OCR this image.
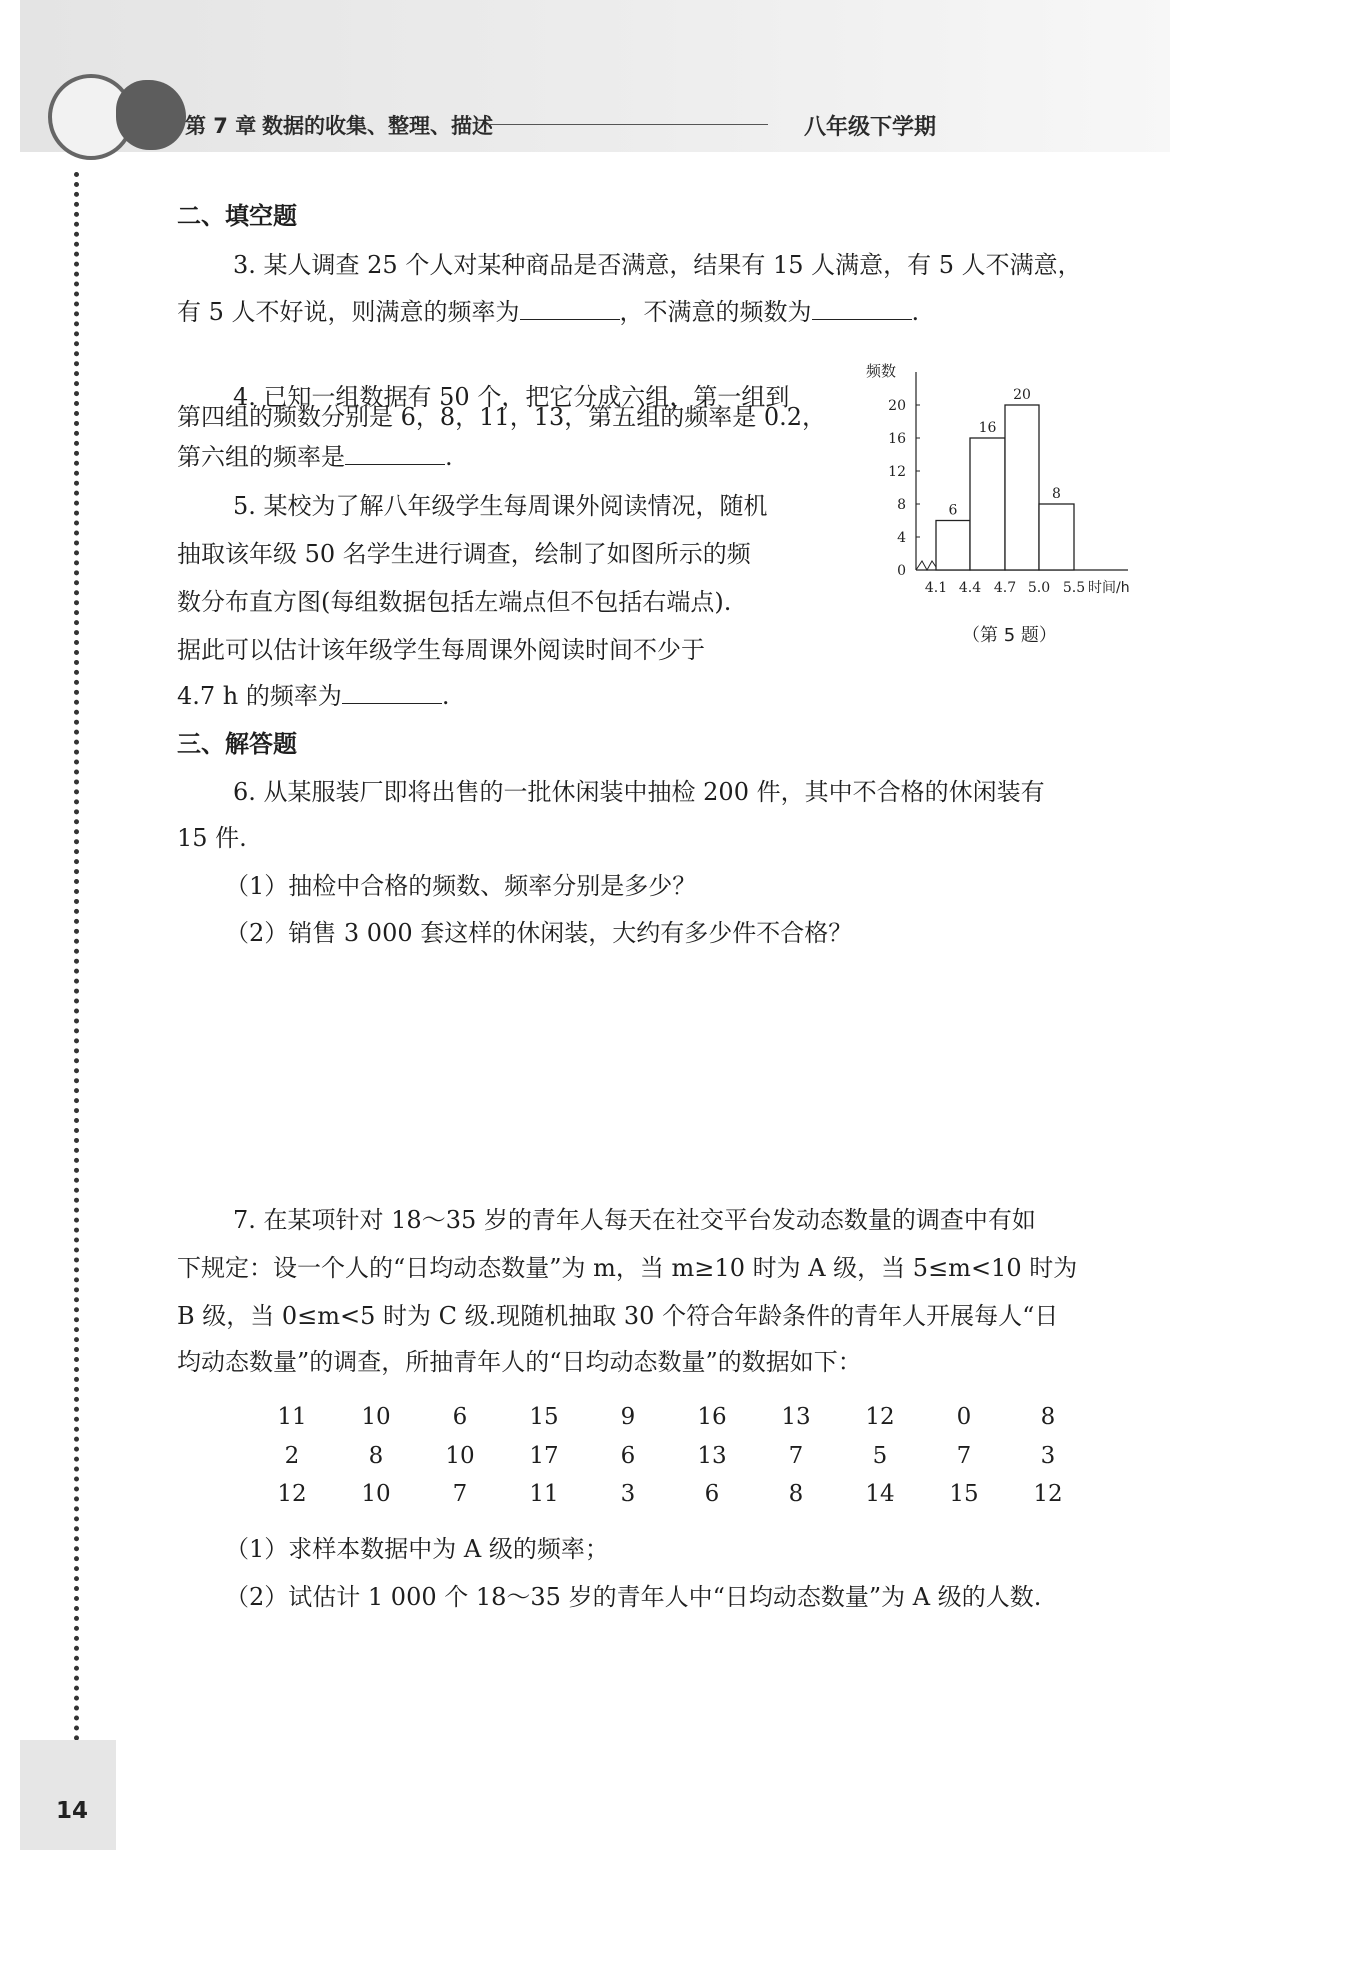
第 7 章 数据的收集、整理、描述	八年级下学期
二、填空题
3. 某人调查 25 个人对某种商品是否满意，结果有 15 人满意，有 5 人不满意，
有 5 人不好说，则满意的频率为	，不满意的频数为	.
4. 已知一组数据有 50 个，把它分成六组，第一组到
第四组的频数分别是 6，8，11，13，第五组的频率是 0.2，
第六组的频率是	.
5. 某校为了解八年级学生每周课外阅读情况，随机
抽取该年级 50 名学生进行调查，绘制了如图所示的频
数分布直方图(每组数据包括左端点但不包括右端点).
据此可以估计该年级学生每周课外阅读时间不少于
4.7 h 的频率为	.
频数
0
4
8
12
16
20
6
16
20
8
4.1 4.4 4.7 5.0 5.5 时间/h
（第 5 题）
三、解答题
6. 从某服装厂即将出售的一批休闲装中抽检 200 件，其中不合格的休闲装有
15 件.
（1）抽检中合格的频数、频率分别是多少？
（2）销售 3 000 套这样的休闲装，大约有多少件不合格？
7. 在某项针对 18～35 岁的青年人每天在社交平台发动态数量的调查中有如
下规定：设一个人的“日均动态数量”为 m，当 m≥10 时为 A 级，当 5≤m<10 时为
B 级，当 0≤m<5 时为 C 级.现随机抽取 30 个符合年龄条件的青年人开展每人“日
均动态数量”的调查，所抽青年人的“日均动态数量”的数据如下：
11	10	6	15	9	16	13	12	0	8
2	8	10	17	6	13	7	5	7	3
12	10	7	11	3	6	8	14	15	12
（1）求样本数据中为 A 级的频率；
（2）试估计 1 000 个 18～35 岁的青年人中“日均动态数量”为 A 级的人数.
14
